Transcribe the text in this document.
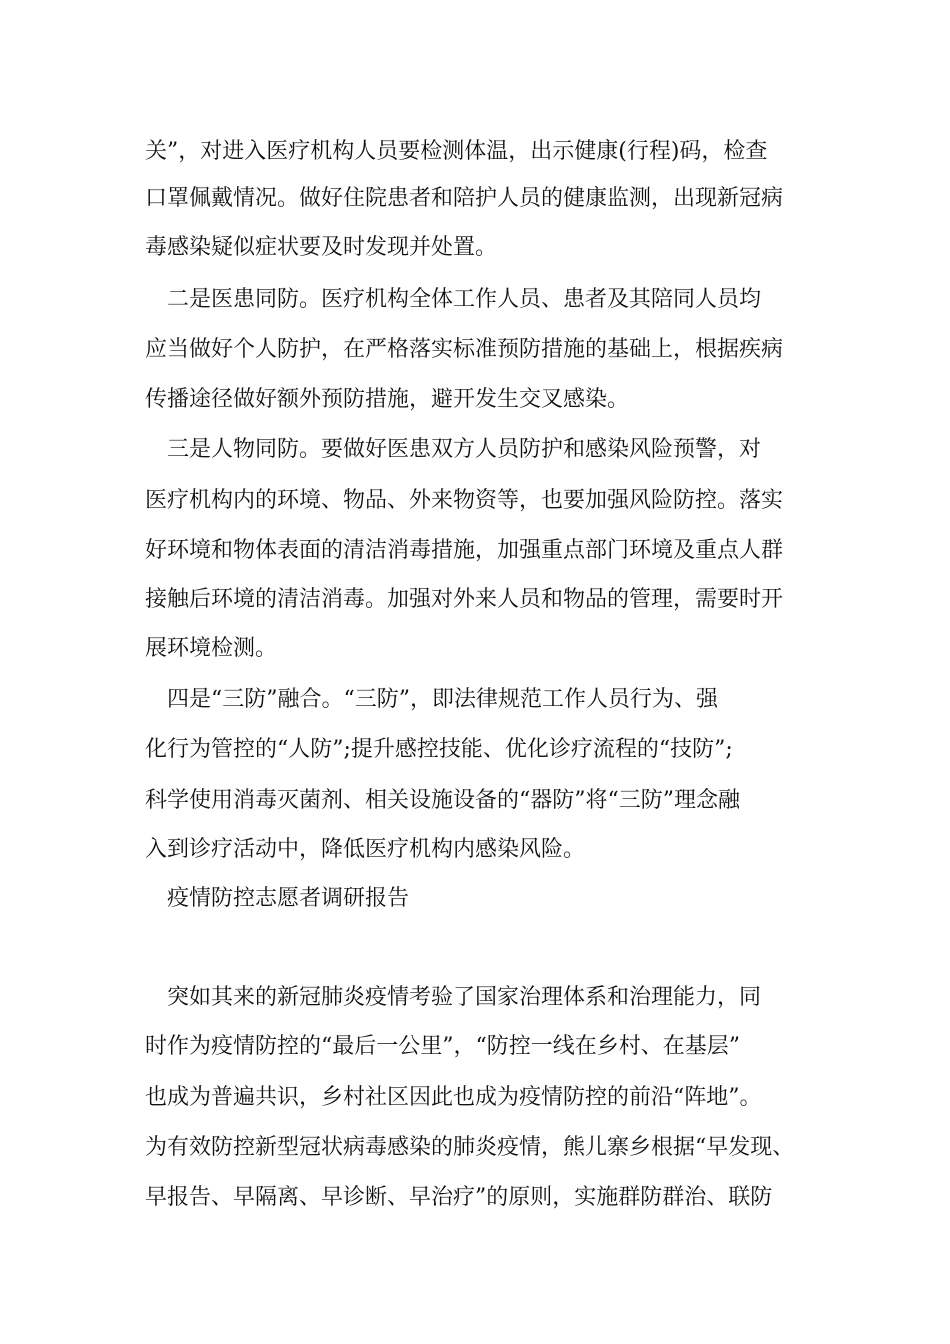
关”，对进入医疗机构人员要检测体温，出示健康(行程)码，检查
口罩佩戴情况。做好住院患者和陪护人员的健康监测，出现新冠病
毒感染疑似症状要及时发现并处置。
　二是医患同防。医疗机构全体工作人员、患者及其陪同人员均
应当做好个人防护，在严格落实标准预防措施的基础上，根据疾病
传播途径做好额外预防措施，避开发生交叉感染。
　三是人物同防。要做好医患双方人员防护和感染风险预警，对
医疗机构内的环境、物品、外来物资等，也要加强风险防控。落实
好环境和物体表面的清洁消毒措施，加强重点部门环境及重点人群
接触后环境的清洁消毒。加强对外来人员和物品的管理，需要时开
展环境检测。
　四是“三防”融合。“三防”，即法律规范工作人员行为、强
化行为管控的“人防”;提升感控技能、优化诊疗流程的“技防”;
科学使用消毒灭菌剂、相关设施设备的“器防”将“三防”理念融
入到诊疗活动中，降低医疗机构内感染风险。
　疫情防控志愿者调研报告
　突如其来的新冠肺炎疫情考验了国家治理体系和治理能力，同
时作为疫情防控的“最后一公里”，“防控一线在乡村、在基层”
也成为普遍共识，乡村社区因此也成为疫情防控的前沿“阵地”。
为有效防控新型冠状病毒感染的肺炎疫情，熊儿寨乡根据“早发现、
早报告、早隔离、早诊断、早治疗”的原则，实施群防群治、联防
